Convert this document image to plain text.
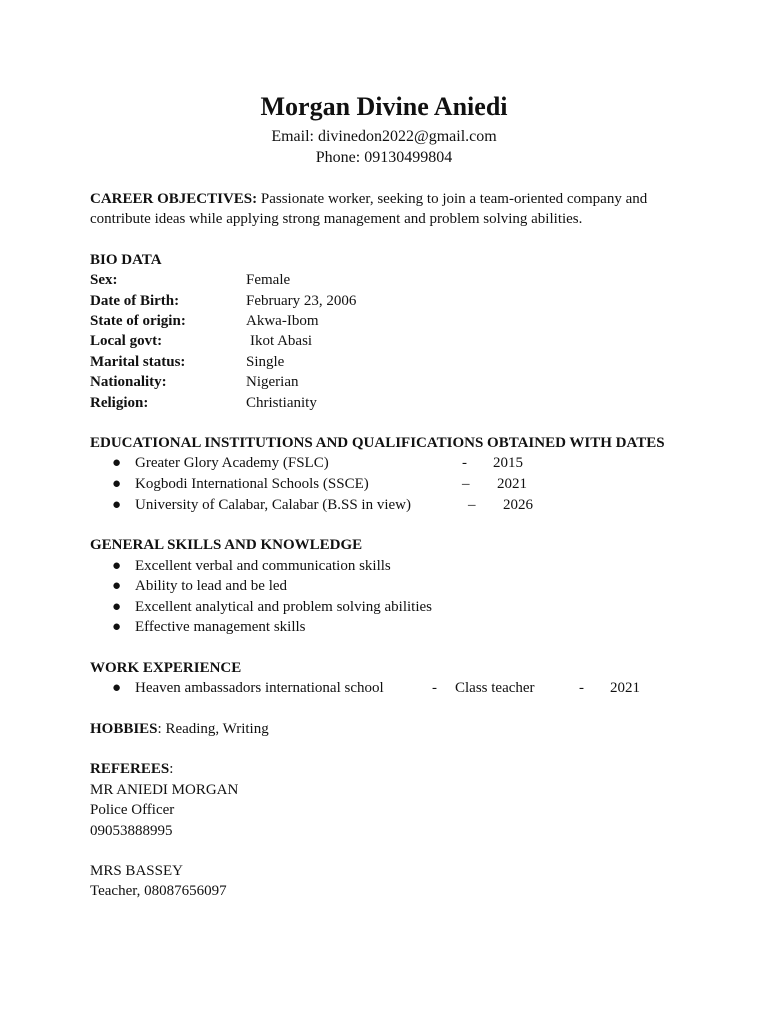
Morgan Divine Aniedi
Email: divinedon2022@gmail.com
Phone: 09130499804

CAREER OBJECTIVES: Passionate worker, seeking to join a team-oriented company and contribute ideas while applying strong management and problem solving abilities.

BIO DATA
Sex:	Female
Date of Birth:	February 23, 2006
State of origin:	Akwa-Ibom
Local govt:	Ikot Abasi
Marital status:	Single
Nationality:	Nigerian
Religion:	Christianity
EDUCATIONAL INSTITUTIONS AND QUALIFICATIONS OBTAINED WITH DATES
● Greater Glory Academy (FSLC)	- 2015
● Kogbodi International Schools (SSCE)	– 2021
● University of Calabar, Calabar (B.SS in view)	– 2026
GENERAL SKILLS AND KNOWLEDGE
● Excellent verbal and communication skills
● Ability to lead and be led
● Excellent analytical and problem solving abilities
● Effective management skills
WORK EXPERIENCE
● Heaven ambassadors international school	- Class teacher	- 2021

HOBBIES: Reading, Writing

REFEREES:

MR ANIEDI MORGAN
Police Officer
09053888995
MRS BASSEY
Teacher, 08087656097
